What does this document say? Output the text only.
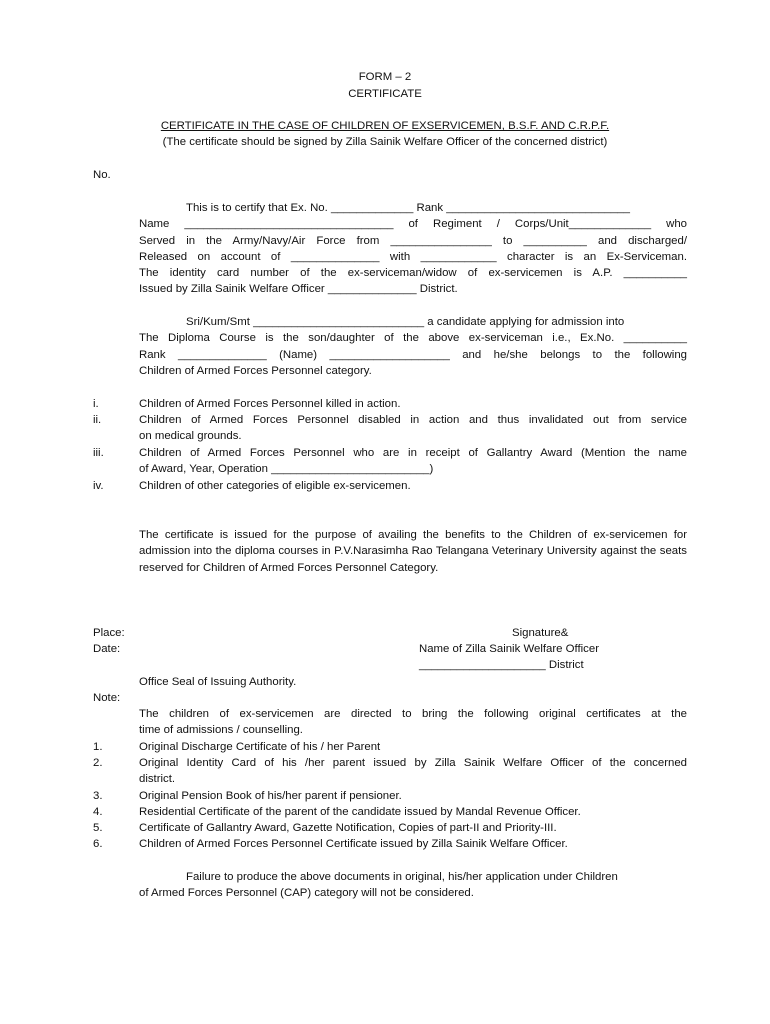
FORM – 2
CERTIFICATE
CERTIFICATE IN THE CASE OF CHILDREN OF EXSERVICEMEN, B.S.F. AND C.R.P.F.
(The certificate should be signed by Zilla Sainik Welfare Officer of the concerned district)
No.
This is to certify that Ex. No. _____________ Rank _____________________________
Name _________________________________ of Regiment / Corps/Unit_____________ who
Served in the Army/Navy/Air Force from ________________ to __________ and discharged/
Released on account of ______________ with ____________ character is an Ex-Serviceman.
The identity card number of the ex-serviceman/widow of ex-servicemen is A.P. __________
Issued by Zilla Sainik Welfare Officer ______________ District.
Sri/Kum/Smt ___________________________ a candidate applying for admission into
The Diploma Course is the son/daughter of the above ex-serviceman i.e., Ex.No. __________
Rank ______________ (Name) ___________________ and he/she belongs to the following
Children of Armed Forces Personnel category.
i.	Children of Armed Forces Personnel killed in action.
ii.	Children of Armed Forces Personnel disabled in action and thus invalidated out from service
on medical grounds.
iii.	Children of Armed Forces Personnel who are in receipt of Gallantry Award (Mention the name
of Award, Year, Operation _________________________)
iv.	Children of other categories of eligible ex-servicemen.
The certificate is issued for the purpose of availing the benefits to the Children of ex-servicemen for admission into the diploma courses in P.V.Narasimha Rao Telangana Veterinary University against the seats reserved for Children of Armed Forces Personnel Category.
Place:
Date:
Signature&
Name of Zilla Sainik Welfare Officer
____________________ District
Office Seal of Issuing Authority.
Note:
The children of ex-servicemen are directed to bring the following original certificates at the
time of admissions / counselling.
1.	Original Discharge Certificate of his / her Parent
2.	Original Identity Card of his /her parent issued by Zilla Sainik Welfare Officer of the concerned
district.
3.	Original Pension Book of his/her parent if pensioner.
4.	Residential Certificate of the parent of the candidate issued by Mandal Revenue Officer.
5.	Certificate of Gallantry Award, Gazette Notification, Copies of part-II and Priority-III.
6.	Children of Armed Forces Personnel Certificate issued by Zilla Sainik Welfare Officer.
Failure to produce the above documents in original, his/her application under Children
of Armed Forces Personnel (CAP) category will not be considered.
